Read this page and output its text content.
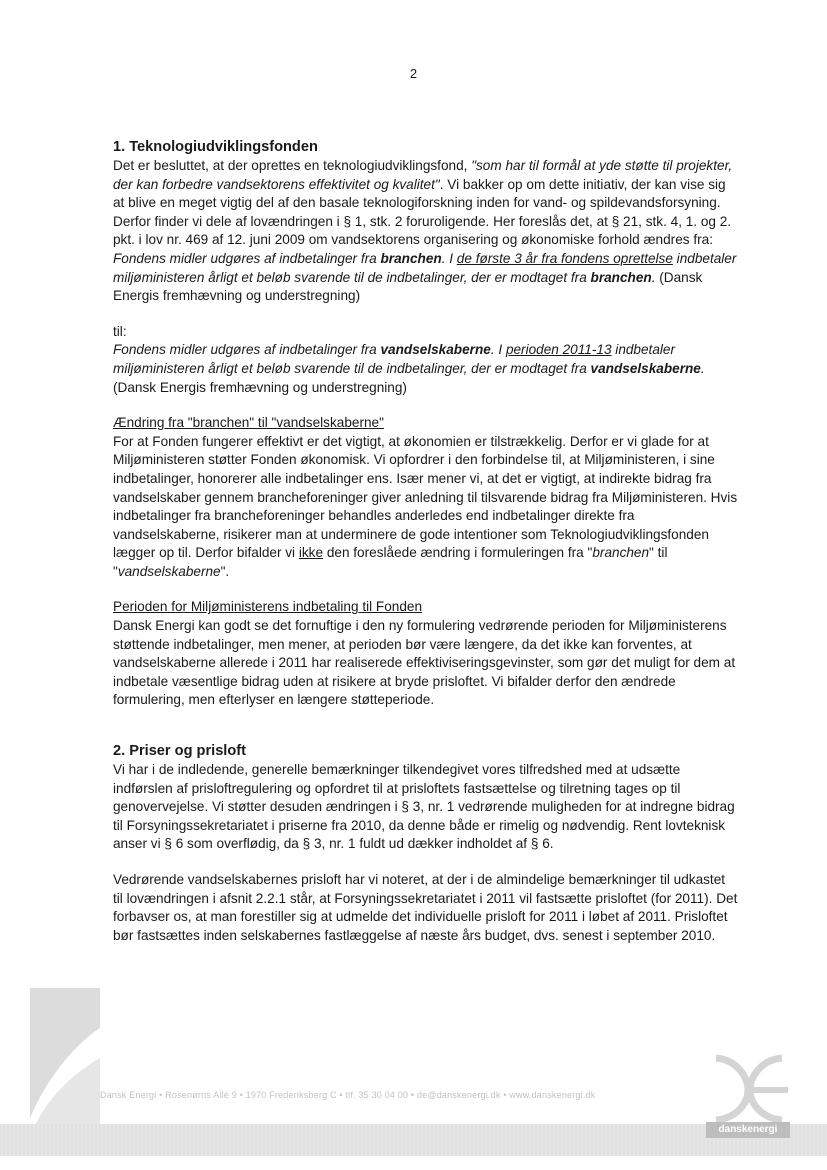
2
1. Teknologiudviklingsfonden

Det er besluttet, at der oprettes en teknologiudviklingsfond, "som har til formål at yde støtte til projekter, der kan forbedre vandsektorens effektivitet og kvalitet". Vi bakker op om dette initiativ, der kan vise sig at blive en meget vigtig del af den basale teknologiforskning inden for vand- og spildevandsforsyning. Derfor finder vi dele af lovændringen i § 1, stk. 2 foruroligende. Her foreslås det, at § 21, stk. 4, 1. og 2. pkt. i lov nr. 469 af 12. juni 2009 om vandsektorens organisering og økonomiske forhold ændres fra:

Fondens midler udgøres af indbetalinger fra branchen. I de første 3 år fra fondens oprettelse indbetaler miljøministeren årligt et beløb svarende til de indbetalinger, der er modtaget fra branchen. (Dansk Energis fremhævning og understregning)

til:

Fondens midler udgøres af indbetalinger fra vandselskaberne. I perioden 2011-13 indbetaler miljøministeren årligt et beløb svarende til de indbetalinger, der er modtaget fra vandselskaberne. (Dansk Energis fremhævning og understregning)

Ændring fra "branchen" til "vandselskaberne"

For at Fonden fungerer effektivt er det vigtigt, at økonomien er tilstrækkelig. Derfor er vi glade for at Miljøministeren støtter Fonden økonomisk. Vi opfordrer i den forbindelse til, at Miljøministeren, i sine indbetalinger, honorerer alle indbetalinger ens. Især mener vi, at det er vigtigt, at indirekte bidrag fra vandselskaber gennem brancheforeninger giver anledning til tilsvarende bidrag fra Miljøministeren. Hvis indbetalinger fra brancheforeninger behandles anderledes end indbetalinger direkte fra vandselskaberne, risikerer man at underminere de gode intentioner som Teknologiudviklingsfonden lægger op til. Derfor bifalder vi ikke den foreslåede ændring i formuleringen fra "branchen" til "vandselskaberne".

Perioden for Miljøministerens indbetaling til Fonden

Dansk Energi kan godt se det fornuftige i den ny formulering vedrørende perioden for Miljøministerens støttende indbetalinger, men mener, at perioden bør være længere, da det ikke kan forventes, at vandselskaberne allerede i 2011 har realiserede effektiviseringsgevinster, som gør det muligt for dem at indbetale væsentlige bidrag uden at risikere at bryde prisloftet. Vi bifalder derfor den ændrede formulering, men efterlyser en længere støtteperiode.

2. Priser og prisloft

Vi har i de indledende, generelle bemærkninger tilkendegivet vores tilfredshed med at udsætte indførslen af prisloftregulering og opfordret til at prisloftets fastsættelse og tilretning tages op til genovervejelse. Vi støtter desuden ændringen i § 3, nr. 1 vedrørende muligheden for at indregne bidrag til Forsyningssekretariatet i priserne fra 2010, da denne både er rimelig og nødvendig. Rent lovteknisk anser vi § 6 som overflødig, da § 3, nr. 1 fuldt ud dækker indholdet af § 6.

Vedrørende vandselskabernes prisloft har vi noteret, at der i de almindelige bemærkninger til udkastet til lovændringen i afsnit 2.2.1 står, at Forsyningssekretariatet i 2011 vil fastsætte prisloftet (for 2011). Det forbavser os, at man forestiller sig at udmelde det individuelle prisloft for 2011 i løbet af 2011. Prisloftet bør fastsættes inden selskabernes fastlæggelse af næste års budget, dvs. senest i september 2010.

Dansk Energi • Rosenørns Allé 9 • 1970 Frederiksberg C • tlf. 35 30 04 00 • de@danskenergi.dk • www.danskenergi.dk
danskenergi
